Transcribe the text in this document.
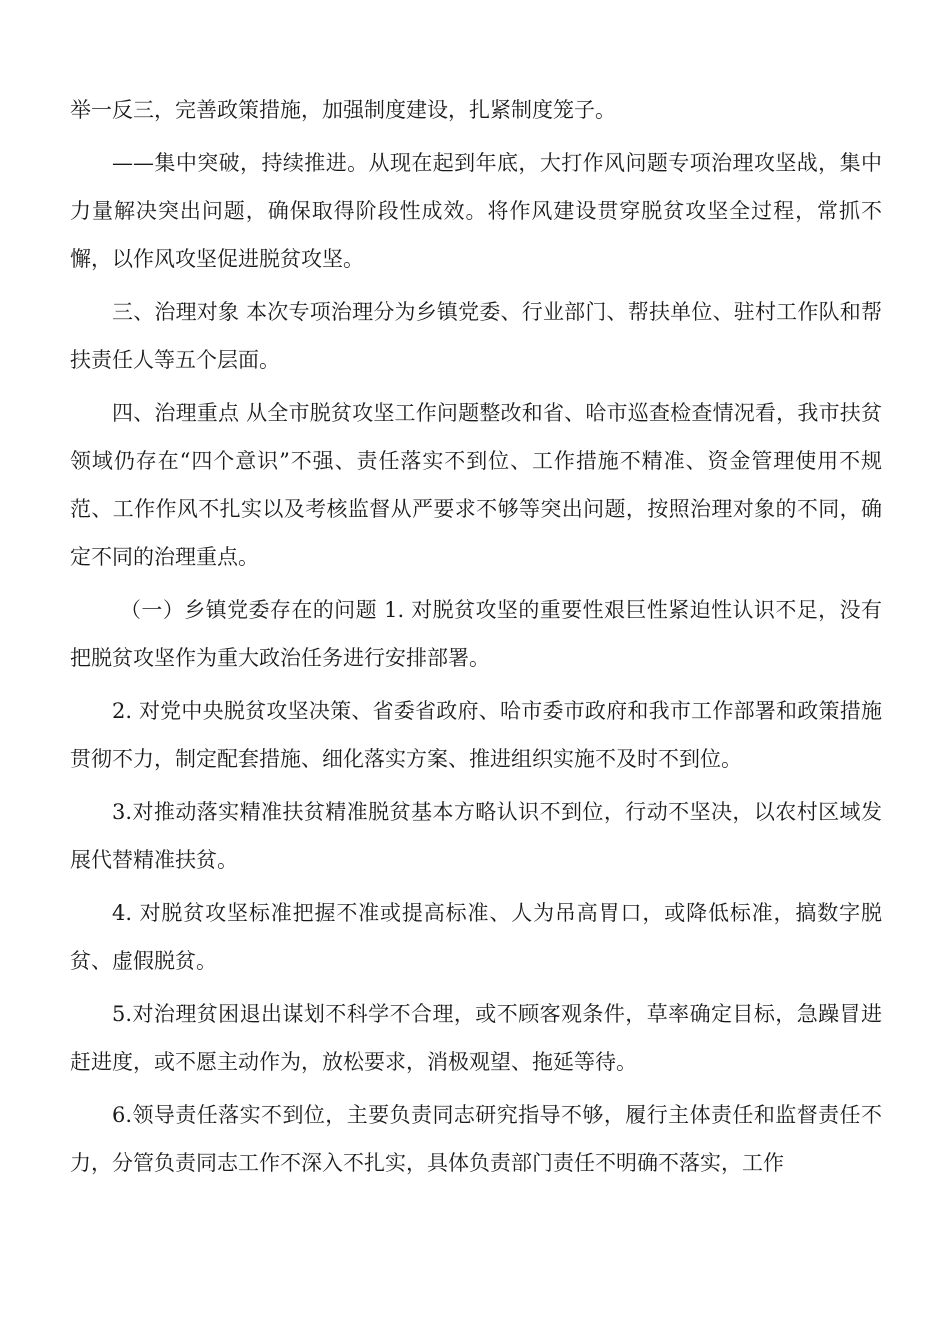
举一反三，完善政策措施，加强制度建设，扎紧制度笼子。

——集中突破，持续推进。从现在起到年底，大打作风问题专项治理攻坚战，集中力量解决突出问题，确保取得阶段性成效。将作风建设贯穿脱贫攻坚全过程，常抓不懈，以作风攻坚促进脱贫攻坚。

三、治理对象 本次专项治理分为乡镇党委、行业部门、帮扶单位、驻村工作队和帮扶责任人等五个层面。

四、治理重点 从全市脱贫攻坚工作问题整改和省、哈市巡查检查情况看，我市扶贫领域仍存在“四个意识”不强、责任落实不到位、工作措施不精准、资金管理使用不规范、工作作风不扎实以及考核监督从严要求不够等突出问题，按照治理对象的不同，确定不同的治理重点。

（一）乡镇党委存在的问题 1. 对脱贫攻坚的重要性艰巨性紧迫性认识不足，没有把脱贫攻坚作为重大政治任务进行安排部署。

2. 对党中央脱贫攻坚决策、省委省政府、哈市委市政府和我市工作部署和政策措施贯彻不力，制定配套措施、细化落实方案、推进组织实施不及时不到位。

3.对推动落实精准扶贫精准脱贫基本方略认识不到位，行动不坚决，以农村区域发展代替精准扶贫。

4. 对脱贫攻坚标准把握不准或提高标准、人为吊高胃口，或降低标准，搞数字脱贫、虚假脱贫。

5.对治理贫困退出谋划不科学不合理，或不顾客观条件，草率确定目标，急躁冒进赶进度，或不愿主动作为，放松要求，消极观望、拖延等待。

6.领导责任落实不到位，主要负责同志研究指导不够，履行主体责任和监督责任不力，分管负责同志工作不深入不扎实，具体负责部门责任不明确不落实，工作
